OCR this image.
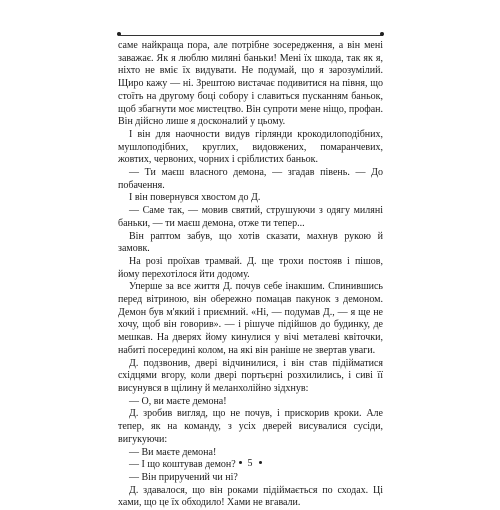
саме найкраща пора, але потрібне зосередження, а він мені заважає. Як я люблю миляні баньки! Мені їх шкода, так як я, ніхто не вміє їх видувати. Не подумай, що я зарозумілий. Щиро кажу — ні. Зрештою вистачає подивитися на півня, що стоїть на другому боці собору і славиться пусканням баньок, щоб збагнути моє мистецтво. Він супроти мене ніщо, профан. Він дійсно лише я досконалий у цьому.

І він для наочности видув гірлянди крокодилоподібних, мушлоподібних, круглих, видовжених, помаранчевих, жовтих, червоних, чорних і сріблистих баньок.

— Ти маєш власного демона, — згадав півень. — До побачення.

І він повернувся хвостом до Д.

— Саме так, — мовив святий, струшуючи з одягу миляні баньки, — ти маєш демона, отже ти тепер...

Він раптом забув, що хотів сказати, махнув рукою й замовк.

На розі проїхав трамвай. Д. ще трохи постояв і пішов, йому перехотілося йти додому.

Уперше за все життя Д. почув себе інакшим. Спинившись перед вітриною, він обережно помацав пакунок з демоном. Демон був м'який і приємний. «Ні, — подумав Д., — я ще не хочу, щоб він говорив». — і рішуче підійшов до будинку, де мешкав. На дверях йому кинулися у вічі металеві квіточки, набиті посередині колом, на які він раніше не звертав уваги.

Д. подзвонив, двері відчинилися, і він став підійматися східцями вгору, коли двері портьєрні розхилились, і сиві її висунувся в щілину й меланхолійно зідхнув:

— О, ви маєте демона!

Д. зробив вигляд, що не почув, і прискорив кроки. Але тепер, як на команду, з усіх дверей висувалися сусіди, вигукуючи:

— Ви маєте демона!

— І що коштував демон?

— Він приручений чи ні?

Д. здавалося, що він роками підіймається по сходах. Ці хами, що це їх обходило! Хами не вгавали.

5
